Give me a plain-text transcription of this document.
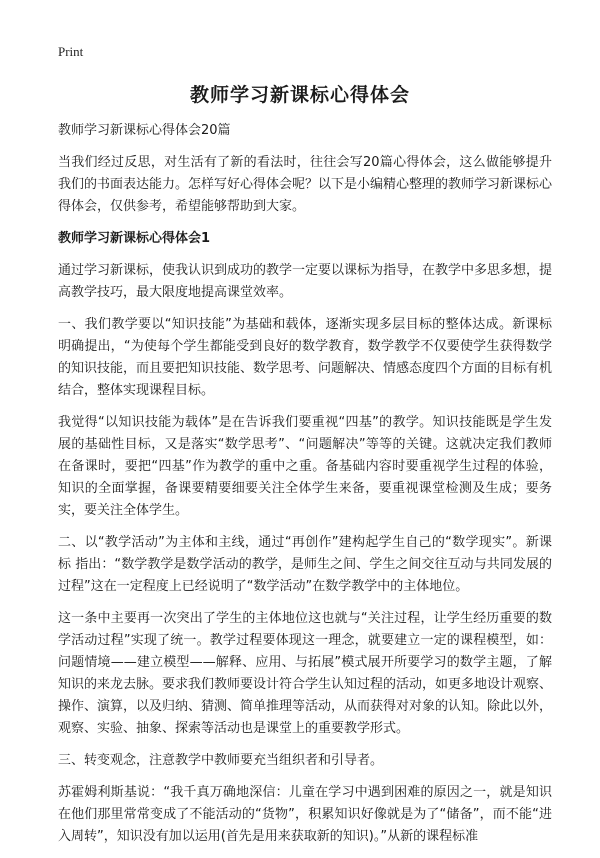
Print
教师学习新课标心得体会

教师学习新课标心得体会20篇

当我们经过反思，对生活有了新的看法时，往往会写20篇心得体会，这么做能够提升我们的书面表达能力。怎样写好心得体会呢？以下是小编精心整理的教师学习新课标心得体会，仅供参考，希望能够帮助到大家。

教师学习新课标心得体会1

通过学习新课标，使我认识到成功的教学一定要以课标为指导，在教学中多思多想，提高教学技巧，最大限度地提高课堂效率。

一、我们教学要以“知识技能”为基础和载体，逐渐实现多层目标的整体达成。新课标明确提出，“为使每个学生都能受到良好的数学教育，数学教学不仅要使学生获得数学的知识技能，而且要把知识技能、数学思考、问题解决、情感态度四个方面的目标有机结合，整体实现课程目标。

我觉得“以知识技能为载体”是在告诉我们要重视“四基”的教学。知识技能既是学生发展的基础性目标，又是落实“数学思考”、“问题解决”等等的关键。这就决定我们教师在备课时，要把“四基”作为教学的重中之重。备基础内容时要重视学生过程的体验，知识的全面掌握，备课要精要细要关注全体学生来备，要重视课堂检测及生成；要务实，要关注全体学生。

二、以“教学活动”为主体和主线，通过“再创作”建构起学生自己的“数学现实”。新课标 指出：“数学教学是数学活动的教学，是师生之间、学生之间交往互动与共同发展的过程”这在一定程度上已经说明了“数学活动”在数学教学中的主体地位。

这一条中主要再一次突出了学生的主体地位这也就与“关注过程，让学生经历重要的数学活动过程”实现了统一。教学过程要体现这一理念，就要建立一定的课程模型，如：问题情境——建立模型——解释、应用、与拓展”模式展开所要学习的数学主题，了解知识的来龙去脉。要求我们教师要设计符合学生认知过程的活动，如更多地设计观察、操作、演算，以及归纳、猜测、简单推理等活动，从而获得对对象的认知。除此以外，观察、实验、抽象、探索等活动也是课堂上的重要教学形式。

三、转变观念，注意教学中教师要充当组织者和引导者。

苏霍姆利斯基说：“我千真万确地深信：儿童在学习中遇到困难的原因之一，就是知识在他们那里常常变成了不能活动的“货物”，积累知识好像就是为了“储备”，而不能“进入周转”，知识没有加以运用(首先是用来获取新的知识)。”从新的课程标准
